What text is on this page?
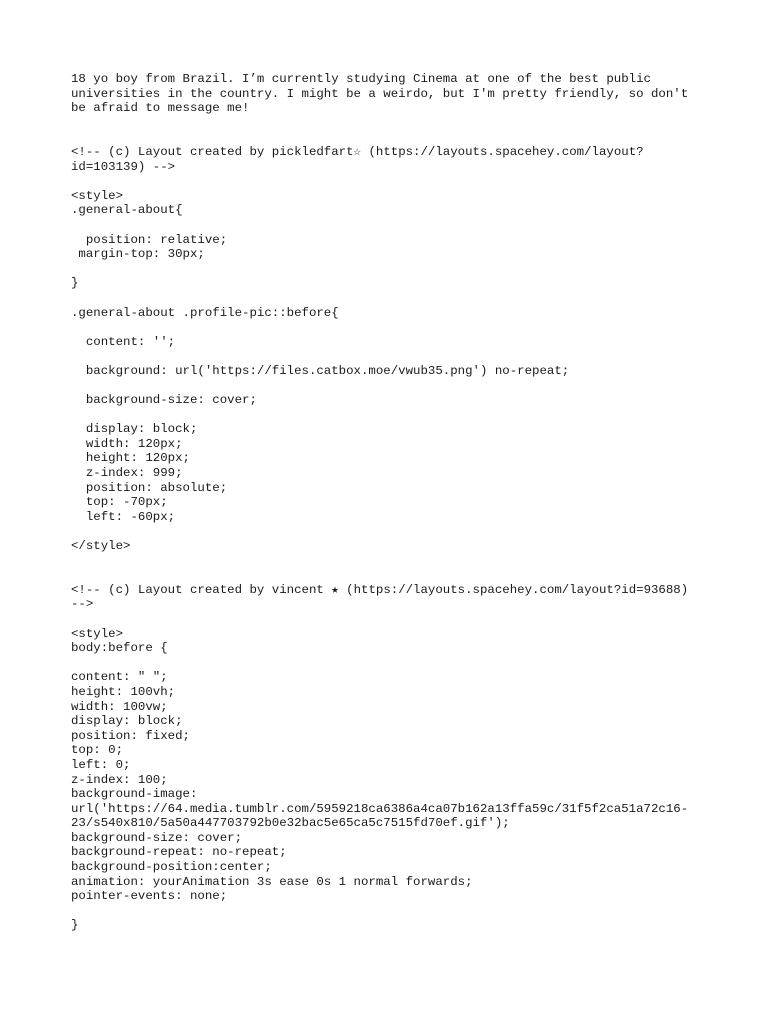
18 yo boy from Brazil. I’m currently studying Cinema at one of the best public
universities in the country. I might be a weirdo, but I'm pretty friendly, so don't
be afraid to message me!
<!-- (c) Layout created by pickledfart☆ (https://layouts.spacehey.com/layout?
id=103139) -->
<style>
.general-about{
position: relative;
margin-top: 30px;
}
.general-about .profile-pic::before{
content: '';
background: url('https://files.catbox.moe/vwub35.png') no-repeat;
background-size: cover;
display: block;
width: 120px;
height: 120px;
z-index: 999;
position: absolute;
top: -70px;
left: -60px;
</style>
<!-- (c) Layout created by vincent ★ (https://layouts.spacehey.com/layout?id=93688)
-->
<style>
body:before {
content: " ";
height: 100vh;
width: 100vw;
display: block;
position: fixed;
top: 0;
left: 0;
z-index: 100;
background-image:
url('https://64.media.tumblr.com/5959218ca6386a4ca07b162a13ffa59c/31f5f2ca51a72c16-
23/s540x810/5a50a447703792b0e32bac5e65ca5c7515fd70ef.gif');
background-size: cover;
background-repeat: no-repeat;
background-position:center;
animation: yourAnimation 3s ease 0s 1 normal forwards;
pointer-events: none;
}
